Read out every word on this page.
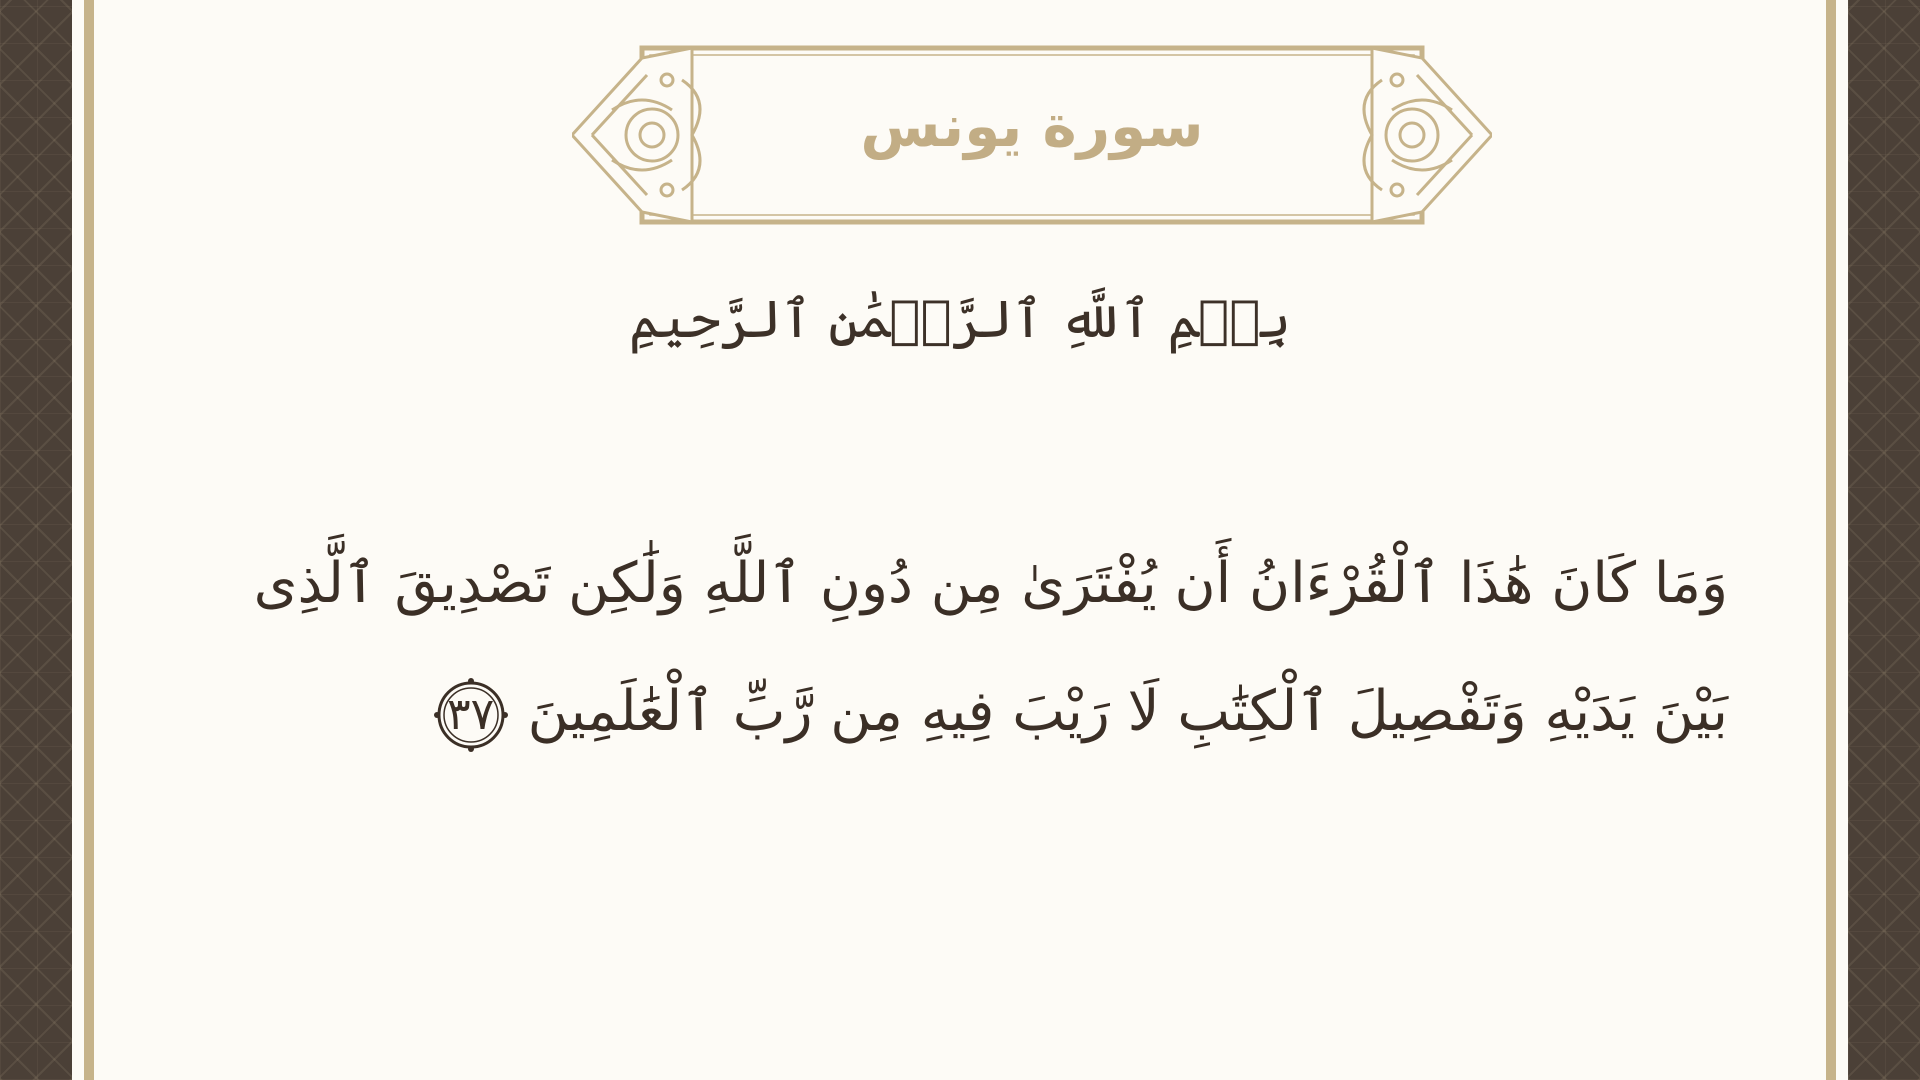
سورة يونس
بِسۡمِ ٱللَّهِ ٱلرَّحۡمَٰنِ ٱلرَّحِيمِ
وَمَا كَانَ هَٰذَا ٱلْقُرْءَانُ أَن يُفْتَرَىٰ مِن دُونِ ٱللَّهِ وَلَٰكِن تَصْدِيقَ ٱلَّذِى
بَيْنَ يَدَيْهِ وَتَفْصِيلَ ٱلْكِتَٰبِ لَا رَيْبَ فِيهِ مِن رَّبِّ ٱلْعَٰلَمِينَ
٣٧
